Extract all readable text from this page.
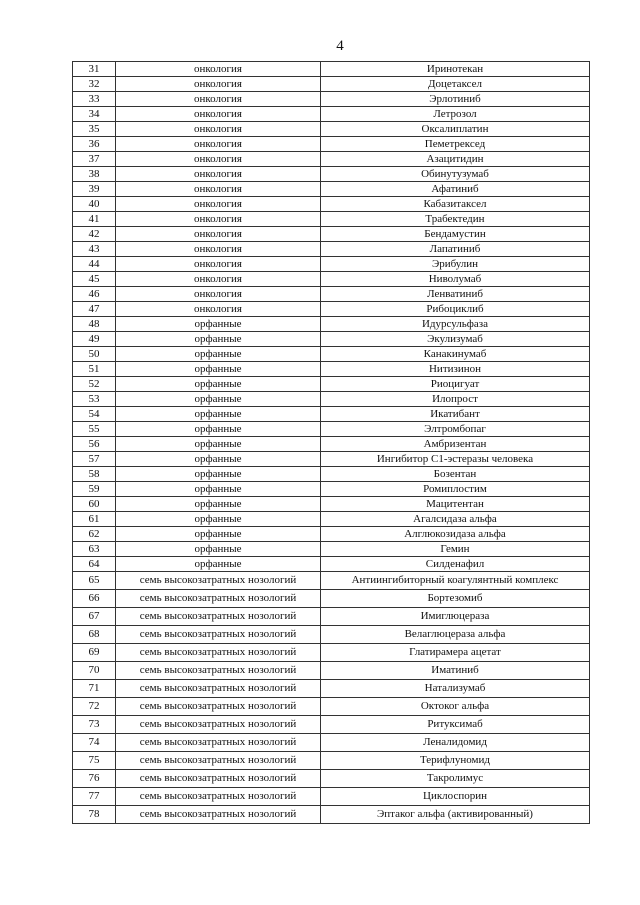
4
31	онкология	Иринотекан
32	онкология	Доцетаксел
33	онкология	Эрлотиниб
34	онкология	Летрозол
35	онкология	Оксалиплатин
36	онкология	Пеметрексед
37	онкология	Азацитидин
38	онкология	Обинутузумаб
39	онкология	Афатиниб
40	онкология	Кабазитаксел
41	онкология	Трабектедин
42	онкология	Бендамустин
43	онкология	Лапатиниб
44	онкология	Эрибулин
45	онкология	Ниволумаб
46	онкология	Ленватиниб
47	онкология	Рибоциклиб
48	орфанные	Идурсульфаза
49	орфанные	Экулизумаб
50	орфанные	Канакинумаб
51	орфанные	Нитизинон
52	орфанные	Риоцигуат
53	орфанные	Илопрост
54	орфанные	Икатибант
55	орфанные	Элтромбопаг
56	орфанные	Амбризентан
57	орфанные	Ингибитор С1-эстеразы человека
58	орфанные	Бозентан
59	орфанные	Ромиплостим
60	орфанные	Мацитентан
61	орфанные	Агалсидаза альфа
62	орфанные	Алглюкозидаза альфа
63	орфанные	Гемин
64	орфанные	Силденафил
65	семь высокозатратных нозологий	Антиингибиторный коагулянтный комплекс
66	семь высокозатратных нозологий	Бортезомиб
67	семь высокозатратных нозологий	Имиглюцераза
68	семь высокозатратных нозологий	Велаглюцераза альфа
69	семь высокозатратных нозологий	Глатирамера ацетат
70	семь высокозатратных нозологий	Иматиниб
71	семь высокозатратных нозологий	Натализумаб
72	семь высокозатратных нозологий	Октоког альфа
73	семь высокозатратных нозологий	Ритуксимаб
74	семь высокозатратных нозологий	Леналидомид
75	семь высокозатратных нозологий	Терифлуномид
76	семь высокозатратных нозологий	Такролимус
77	семь высокозатратных нозологий	Циклоспорин
78	семь высокозатратных нозологий	Эптаког альфа (активированный)
